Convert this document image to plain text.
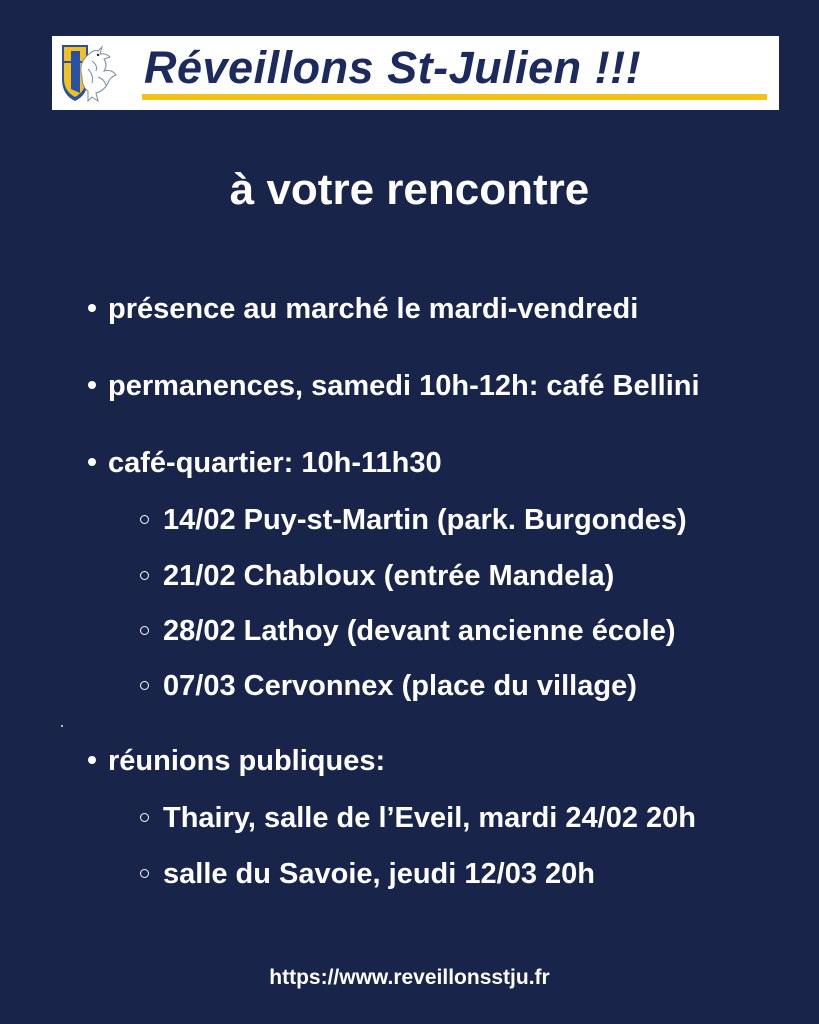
Réveillons St-Julien !!!
à votre rencontre
présence au marché le mardi-vendredi
permanences, samedi 10h-12h: café Bellini
café-quartier: 10h-11h30
14/02 Puy-st-Martin (park. Burgondes)
21/02 Chabloux (entrée Mandela)
28/02 Lathoy (devant ancienne école)
07/03 Cervonnex (place du village)
réunions publiques:
Thairy, salle de l’Eveil, mardi 24/02 20h
salle du Savoie, jeudi 12/03 20h
https://www.reveillonsstju.fr
